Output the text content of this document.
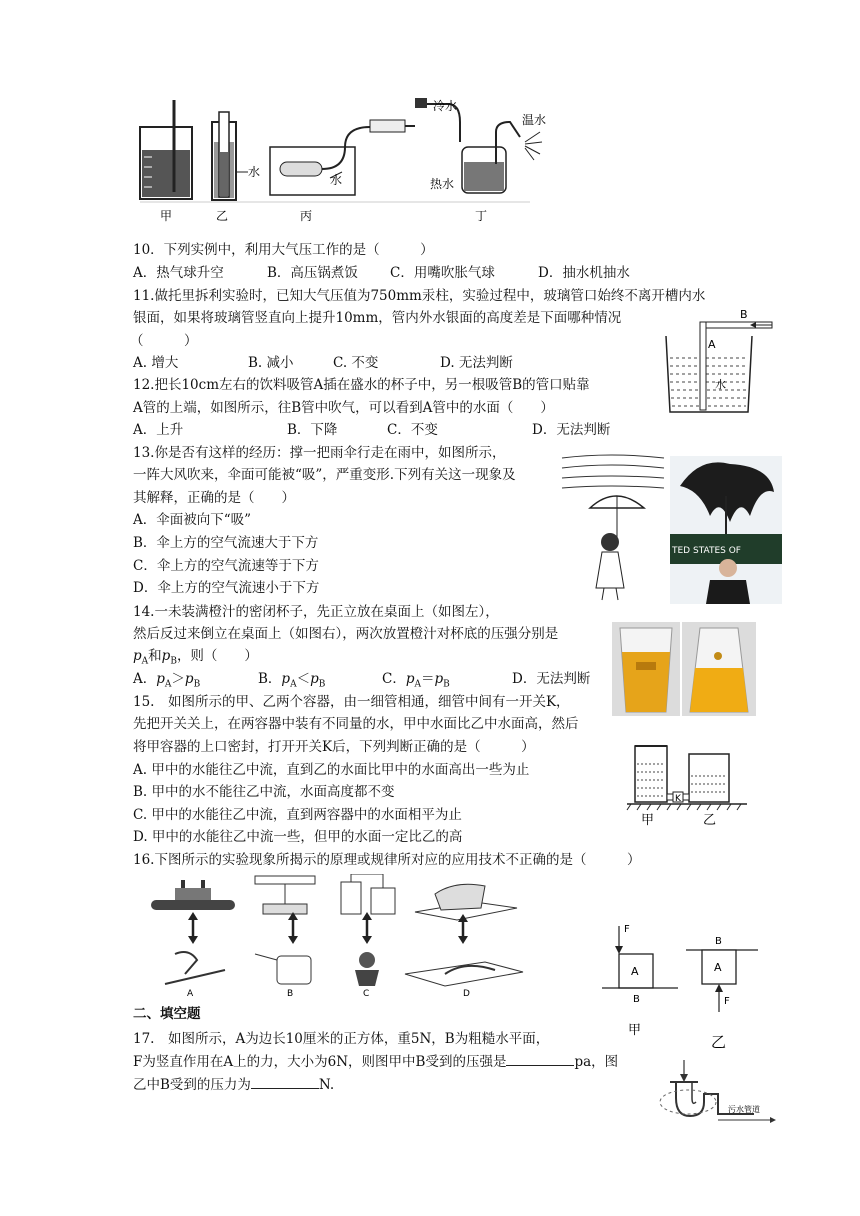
甲	乙	丙	丁
水
水
冷水
温水
热水
10．下列实例中，利用大气压工作的是（　　　）
A．热气球升空	B．高压锅煮饭 C．用嘴吹胀气球	D．抽水机抽水
11.做托里拆利实验时，已知大气压值为750mm汞柱，实验过程中，玻璃管口始终不离开槽内水
银面，如果将玻璃管竖直向上提升10mm，管内外水银面的高度差是下面哪种情况
（　　　）
A. 增大	B. 减小	C. 不变	D. 无法判断
B
A
水
12.把长10cm左右的饮料吸管A插在盛水的杯子中，另一根吸管B的管口贴靠
A管的上端，如图所示，往B管中吹气，可以看到A管中的水面（　　）
A．上升	B．下降	C．不变	D．无法判断
13.你是否有这样的经历：撑一把雨伞行走在雨中，如图所示，
一阵大风吹来，伞面可能被“吸”，严重变形.下列有关这一现象及
其解释，正确的是（　　）
A．伞面被向下“吸”
B．伞上方的空气流速大于下方
C．伞上方的空气流速等于下方
D．伞上方的空气流速小于下方
TED STATES OF
14.一未装满橙汁的密闭杯子，先正立放在桌面上（如图左），
然后反过来倒立在桌面上（如图右），两次放置橙汁对杯底的压强分别是
$p_A$和$p_B$，则（　　）
A．$p_A>p_B$	B．$p_A<p_B$	C．$p_A=p_B$	D．无法判断
15.　如图所示的甲、乙两个容器，由一细管相通，细管中间有一开关K，
先把开关关上，在两容器中装有不同量的水，甲中水面比乙中水面高，然后
将甲容器的上口密封，打开开关K后，下列判断正确的是（　　　）
A. 甲中的水能往乙中流，直到乙的水面比甲中的水面高出一些为止
B. 甲中的水不能往乙中流，水面高度都不变
C. 甲中的水能往乙中流，直到两容器中的水面相平为止
D. 甲中的水能往乙中流一些，但甲的水面一定比乙的高
K
甲	乙
16.下图所示的实验现象所揭示的原理或规律所对应的应用技术不正确的是（　　　）
A	B	C	D
F
A
B
甲
B
A
F
乙
二、填空题
17.　如图所示，A为边长10厘米的正方体，重5N，B为粗糙水平面，
F为竖直作用在A上的力，大小为6N，则图甲中B受到的压强是	pa，图
乙中B受到的压力为	N.
污水管道
